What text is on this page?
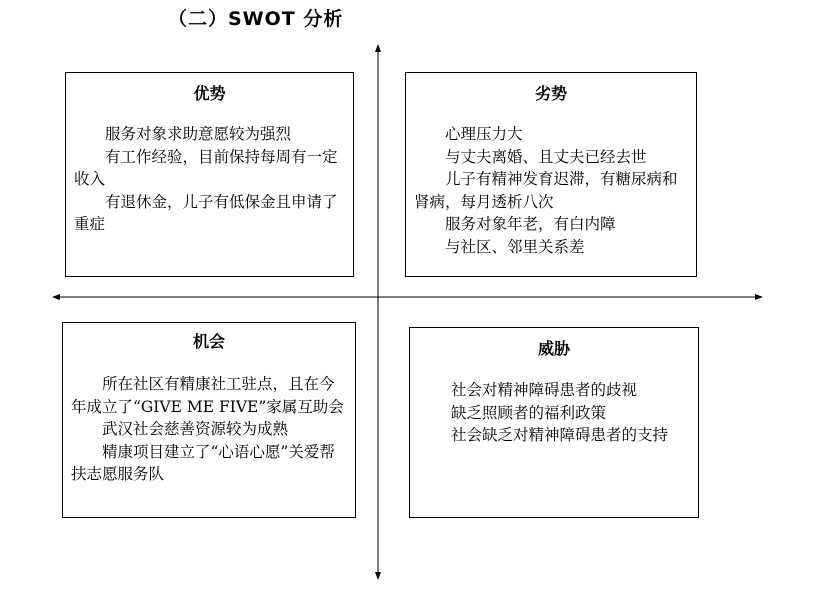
（二）SWOT 分析
优势

服务对象求助意愿较为强烈

有工作经验，目前保持每周有一定收入

有退休金，儿子有低保金且申请了重症

劣势

心理压力大

与丈夫离婚、且丈夫已经去世

儿子有精神发育迟滞，有糖尿病和肾病，每月透析八次

服务对象年老，有白内障

与社区、邻里关系差

机会

所在社区有精康社工驻点，且在今年成立了“GIVE ME FIVE”家属互助会

武汉社会慈善资源较为成熟

精康项目建立了“心语心愿”关爱帮扶志愿服务队

威胁

社会对精神障碍患者的歧视

缺乏照顾者的福利政策

社会缺乏对精神障碍患者的支持
